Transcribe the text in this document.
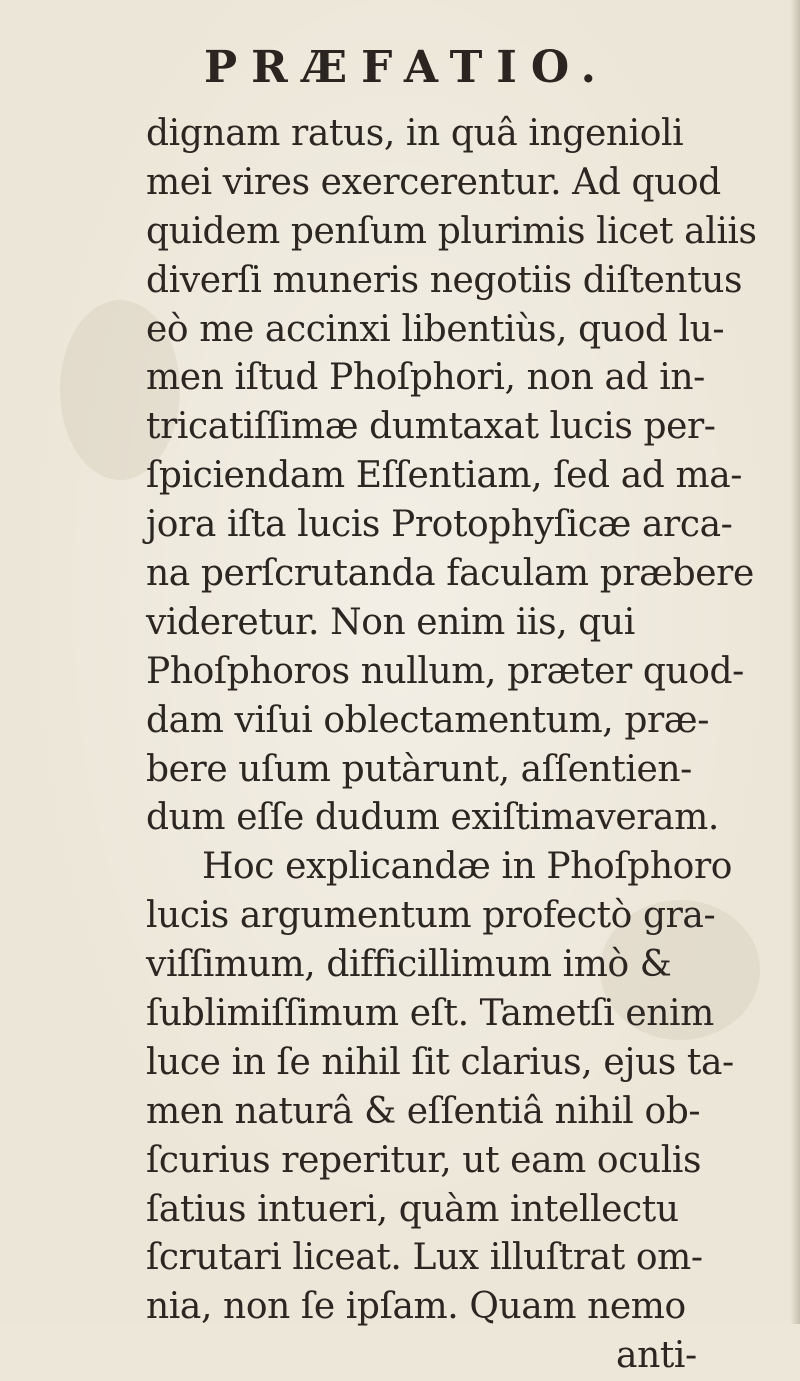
PRÆFATIO.
dignam ratus, in quâ ingenioli
mei vires exercerentur. Ad quod
quidem penſum plurimis licet aliis
diverſi muneris negotiis diſtentus
eò me accinxi libentiùs, quod lu-
men iſtud Phoſphori, non ad in-
tricatiſſimæ dumtaxat lucis per-
ſpiciendam Eſſentiam, ſed ad ma-
jora iſta lucis Protophyſicæ arca-
na perſcrutanda faculam præbere
videretur. Non enim iis, qui
Phoſphoros nullum, præter quod-
dam viſui oblectamentum, præ-
bere uſum putàrunt, aſſentien-
dum eſſe dudum exiſtimaveram.
Hoc explicandæ in Phoſphoro
lucis argumentum profectò gra-
viſſimum, difficillimum imò &
ſublimiſſimum eſt. Tametſi enim
luce in ſe nihil ſit clarius, ejus ta-
men naturâ & eſſentiâ nihil ob-
ſcurius reperitur, ut eam oculis
ſatius intueri, quàm intellectu
ſcrutari liceat. Lux illuſtrat om-
nia, non ſe ipſam. Quam nemo
anti-
